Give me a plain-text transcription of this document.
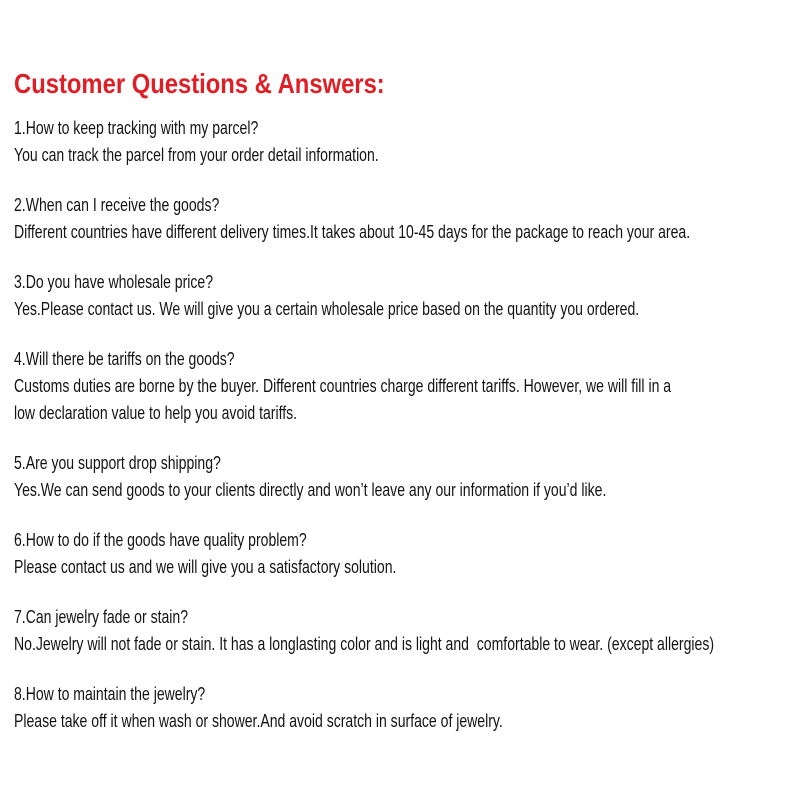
Customer Questions & Answers:
1.How to keep tracking with my parcel?
You can track the parcel from your order detail information.
2.When can I receive the goods?
Different countries have different delivery times.It takes about 10-45 days for the package to reach your area.
3.Do you have wholesale price?
Yes.Please contact us. We will give you a certain wholesale price based on the quantity you ordered.
4.Will there be tariffs on the goods?
Customs duties are borne by the buyer. Different countries charge different tariffs. However, we will fill in a
low declaration value to help you avoid tariffs.
5.Are you support drop shipping?
Yes.We can send goods to your clients directly and won’t leave any our information if you’d like.
6.How to do if the goods have quality problem?
Please contact us and we will give you a satisfactory solution.
7.Can jewelry fade or stain?
No.Jewelry will not fade or stain. It has a longlasting color and is light and  comfortable to wear. (except allergies)
8.How to maintain the jewelry?
Please take off it when wash or shower.And avoid scratch in surface of jewelry.
